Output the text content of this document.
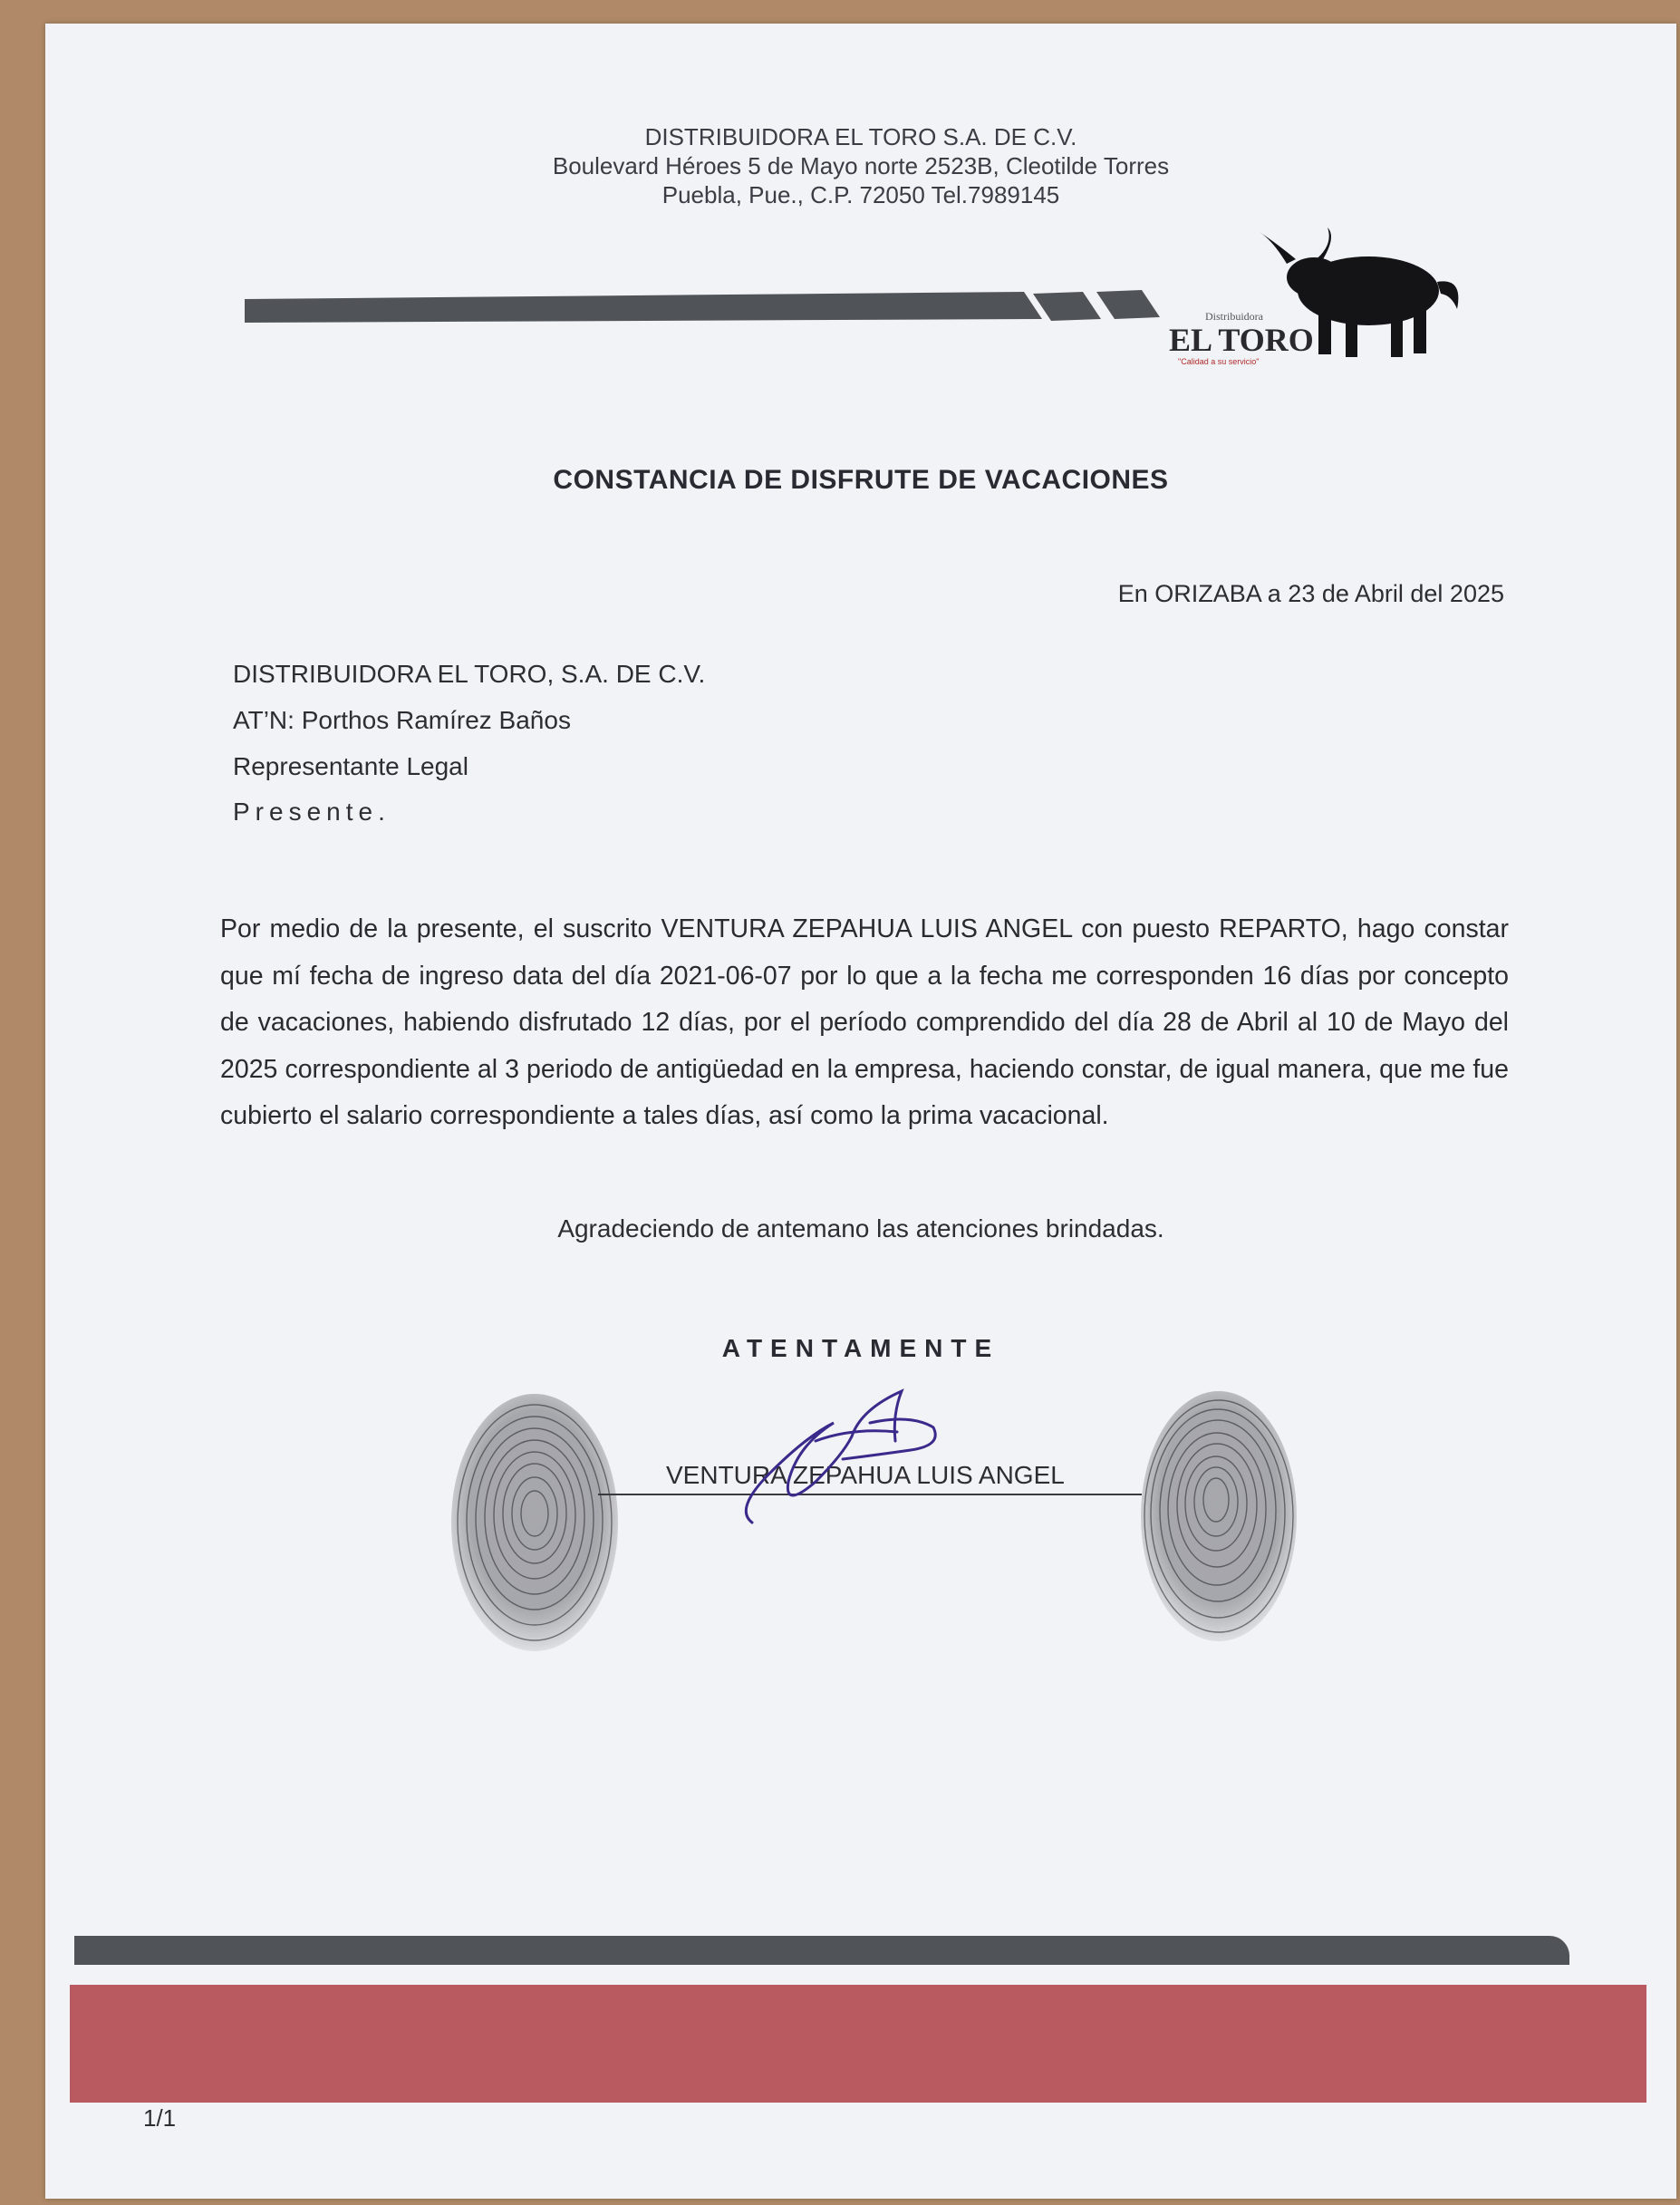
DISTRIBUIDORA EL TORO S.A. DE C.V.
Boulevard Héroes 5 de Mayo norte 2523B, Cleotilde Torres
Puebla, Pue., C.P. 72050 Tel.7989145
Distribuidora
EL TORO
"Calidad a su servicio"
CONSTANCIA DE DISFRUTE DE VACACIONES
En ORIZABA a 23 de Abril del 2025
DISTRIBUIDORA EL TORO, S.A. DE C.V.
AT’N: Porthos Ramírez Baños
Representante Legal
Presente.
Por medio de la presente, el suscrito VENTURA ZEPAHUA LUIS ANGEL con puesto REPARTO, hago constar que mí fecha de ingreso data del día 2021-06-07 por lo que a la fecha me corresponden 16 días por concepto de vacaciones, habiendo disfrutado 12 días, por el período comprendido del día 28 de Abril al 10 de Mayo del 2025 correspondiente al 3 periodo de antigüedad en la empresa, haciendo constar, de igual manera, que me fue cubierto el salario correspondiente a tales días, así como la prima vacacional.
Agradeciendo de antemano las atenciones brindadas.
ATENTAMENTE
VENTURA ZEPAHUA LUIS ANGEL
1/1
